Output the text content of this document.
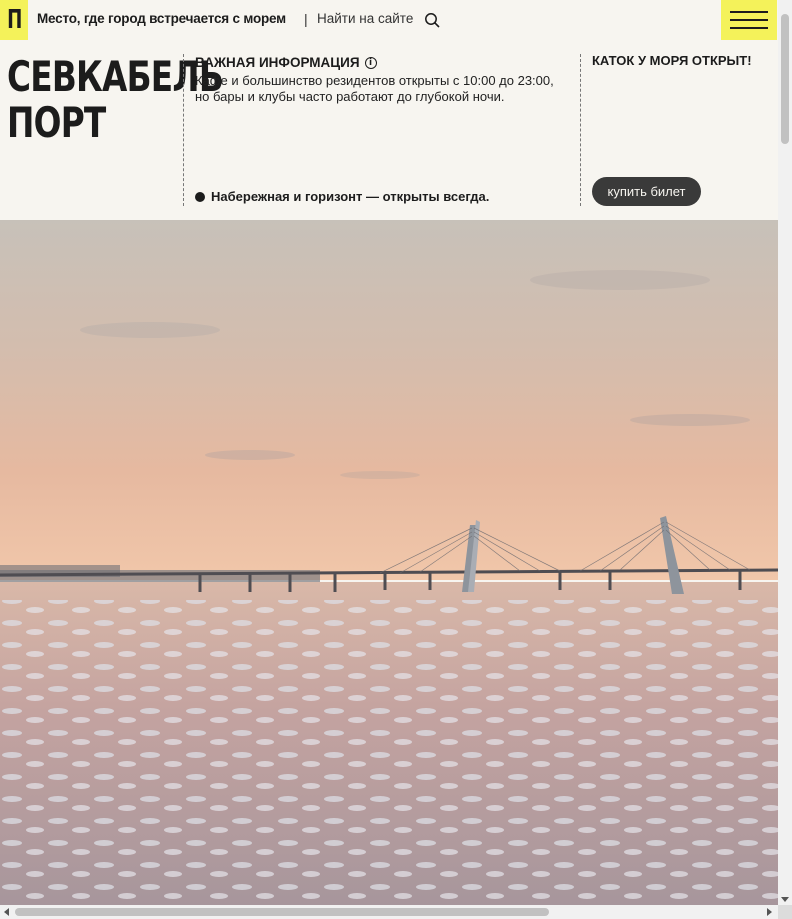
П Место, где город встречается с морем | Найти на сайте
СЕВКАБЕЛЬ
ПОРТ
ВАЖНАЯ ИНФОРМАЦИЯ	i
Кафе и большинство резидентов открыты с 10:00 до 23:00, но бары и клубы часто работают до глубокой ночи.
Набережная и горизонт — открыты всегда.
КАТОК У МОРЯ ОТКРЫТ!
купить билет
